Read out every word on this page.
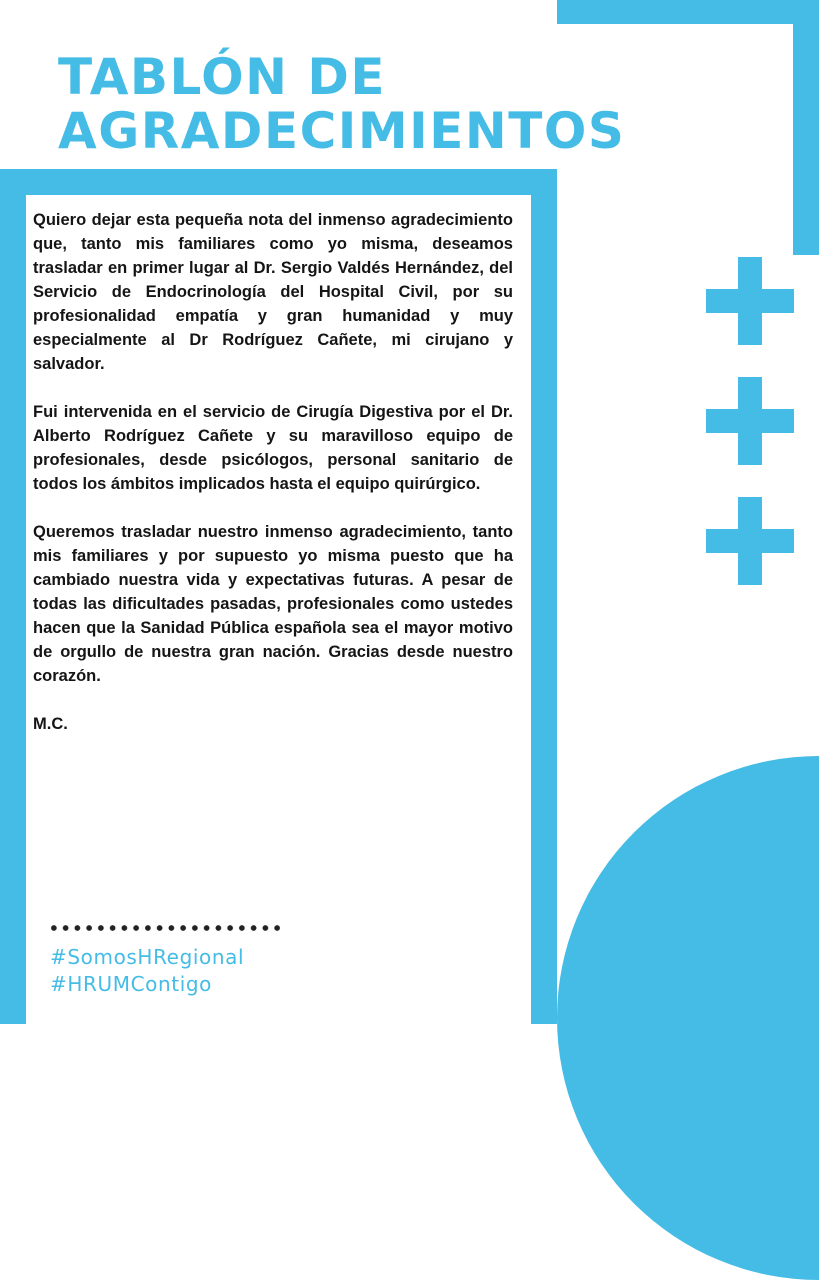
TABLÓN DE
AGRADECIMIENTOS

Quiero dejar esta pequeña nota del inmenso agradecimiento que, tanto mis familiares como yo misma, deseamos trasladar en primer lugar al Dr. Sergio Valdés Hernández, del Servicio de Endocrinología del Hospital Civil, por su profesionalidad empatía y gran humanidad y muy especialmente al Dr Rodríguez Cañete, mi cirujano y salvador.

Fui intervenida en el servicio de Cirugía Digestiva por el Dr. Alberto Rodríguez Cañete y su maravilloso equipo de profesionales, desde psicólogos, personal sanitario de todos los ámbitos implicados hasta el equipo quirúrgico.

Queremos trasladar nuestro inmenso agradecimiento, tanto mis familiares y por supuesto yo misma puesto que ha cambiado nuestra vida y expectativas futuras. A pesar de todas las dificultades pasadas, profesionales como ustedes hacen que la Sanidad Pública española sea el mayor motivo de orgullo de nuestra gran nación. Gracias desde nuestro corazón.

M.C.

#SomosHRegional
#HRUMContigo
